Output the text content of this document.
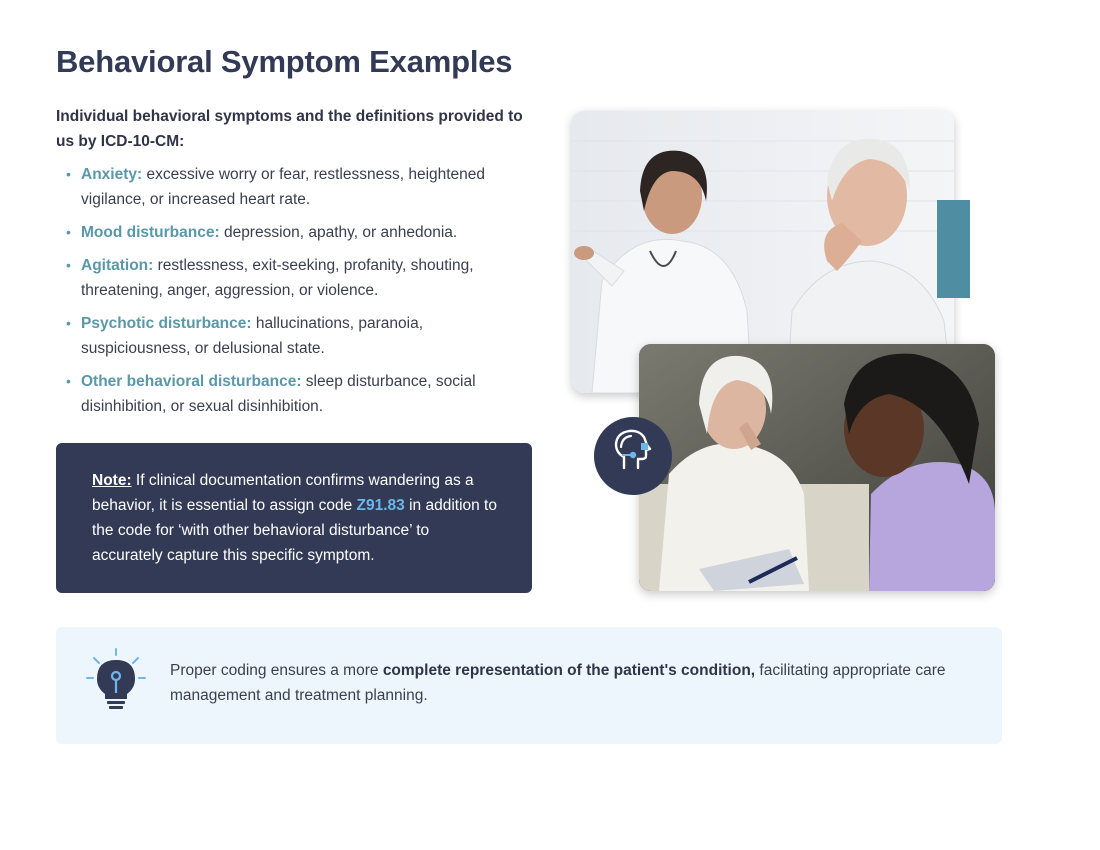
Behavioral Symptom Examples
Individual behavioral symptoms and the definitions provided to us by ICD-10-CM:
• Anxiety: excessive worry or fear, restlessness, heightened vigilance, or increased heart rate.
• Mood disturbance: depression, apathy, or anhedonia.
• Agitation: restlessness, exit-seeking, profanity, shouting, threatening, anger, aggression, or violence.
• Psychotic disturbance: hallucinations, paranoia, suspiciousness, or delusional state.
• Other behavioral disturbance: sleep disturbance, social disinhibition, or sexual disinhibition.
Note: If clinical documentation confirms wandering as a behavior, it is essential to assign code Z91.83 in addition to the code for ‘with other behavioral disturbance’ to accurately capture this specific symptom.
Proper coding ensures a more complete representation of the patient's condition, facilitating appropriate care management and treatment planning.
